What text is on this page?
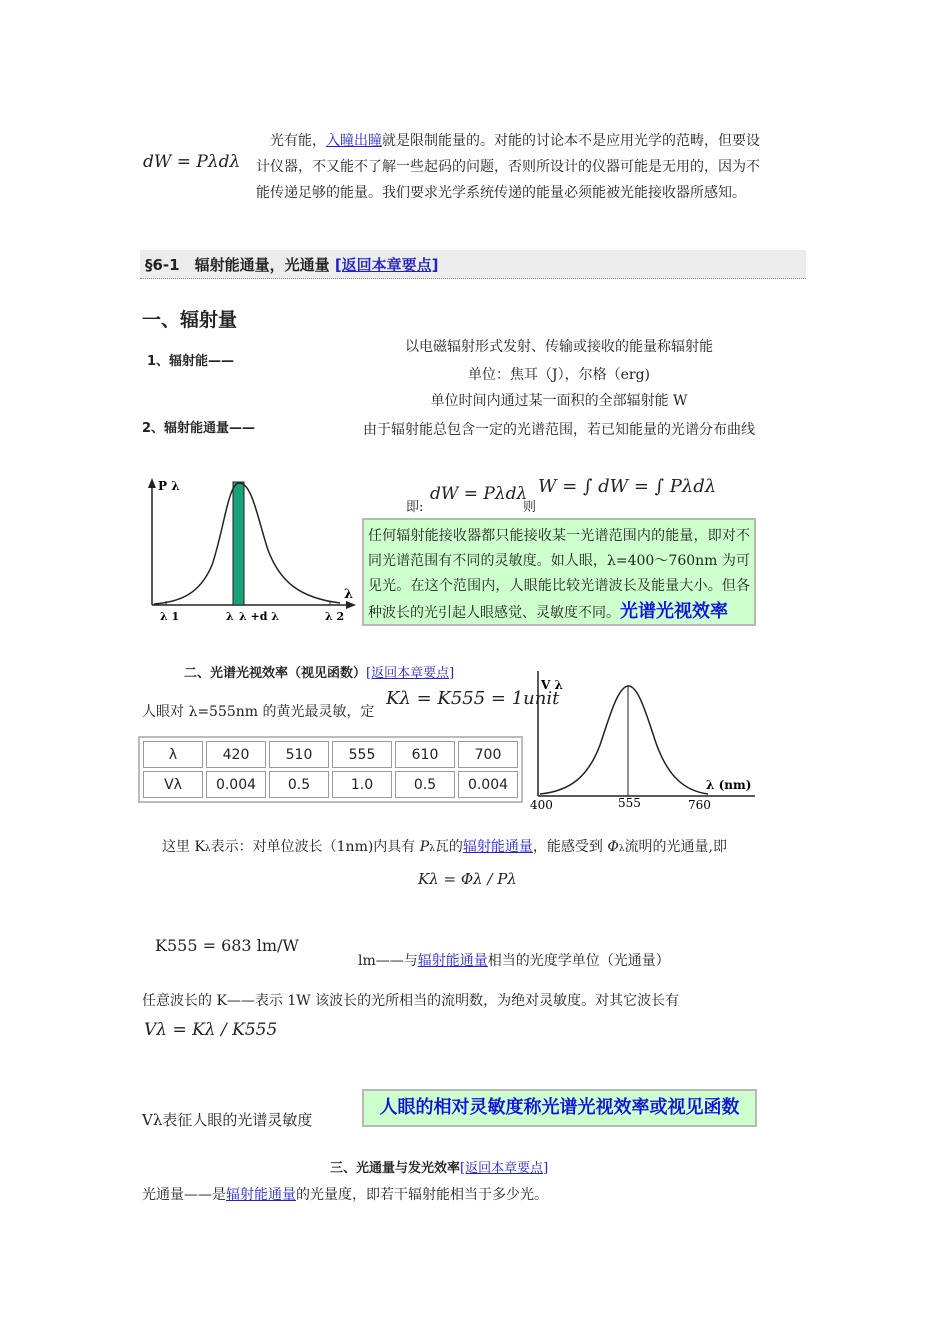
dW = Pλdλ
光有能，入瞳出瞳就是限制能量的。对能的讨论本不是应用光学的范畴，但要设计仪器，不又能不了解一些起码的问题，否则所设计的仪器可能是无用的，因为不能传递足够的能量。我们要求光学系统传递的能量必须能被光能接收器所感知。
§6-1　辐射能通量，光通量 [返回本章要点]
一、辐射量
1、辐射能——
以电磁辐射形式发射、传输或接收的能量称辐射能
单位：焦耳（J），尔格（erg)
单位时间内通过某一面积的全部辐射能 W
2、辐射能通量——	由于辐射能总包含一定的光谱范围，若已知能量的光谱分布曲线
即:
dW = Pλdλ
则
W = ∫ dW = ∫ Pλdλ
任何辐射能接收器都只能接收某一光谱范围内的能量，即对不同光谱范围有不同的灵敏度。如人眼，λ=400～760nm 为可见光。在这个范围内，人眼能比较光谱波长及能量大小。但各种波长的光引起人眼感觉、灵敏度不同。光谱光视效率
P λ
λ
λ 1	λ λ +d λ	λ 2
二、光谱光视效率（视见函数）[返回本章要点]
人眼对 λ=555nm 的黄光最灵敏，定
Kλ = K555 = 1unit
λ	420	510	555	610	700
Vλ	0.004	0.5	1.0	0.5	0.004
V λ
λ (nm)
400	555	760
这里 Kλ表示：对单位波长（1nm)内具有 Pλ瓦的辐射能通量，能感受到 Φλ流明的光通量,即
Kλ = Φλ / Pλ
K555 = 683 lm/W
lm——与辐射能通量相当的光度学单位（光通量）
任意波长的 K——表示 1W 该波长的光所相当的流明数，为绝对灵敏度。对其它波长有
Vλ = Kλ / K555
Vλ表征人眼的光谱灵敏度
人眼的相对灵敏度称光谱光视效率或视见函数
三、光通量与发光效率[返回本章要点]
光通量——是辐射能通量的光量度，即若干辐射能相当于多少光。
